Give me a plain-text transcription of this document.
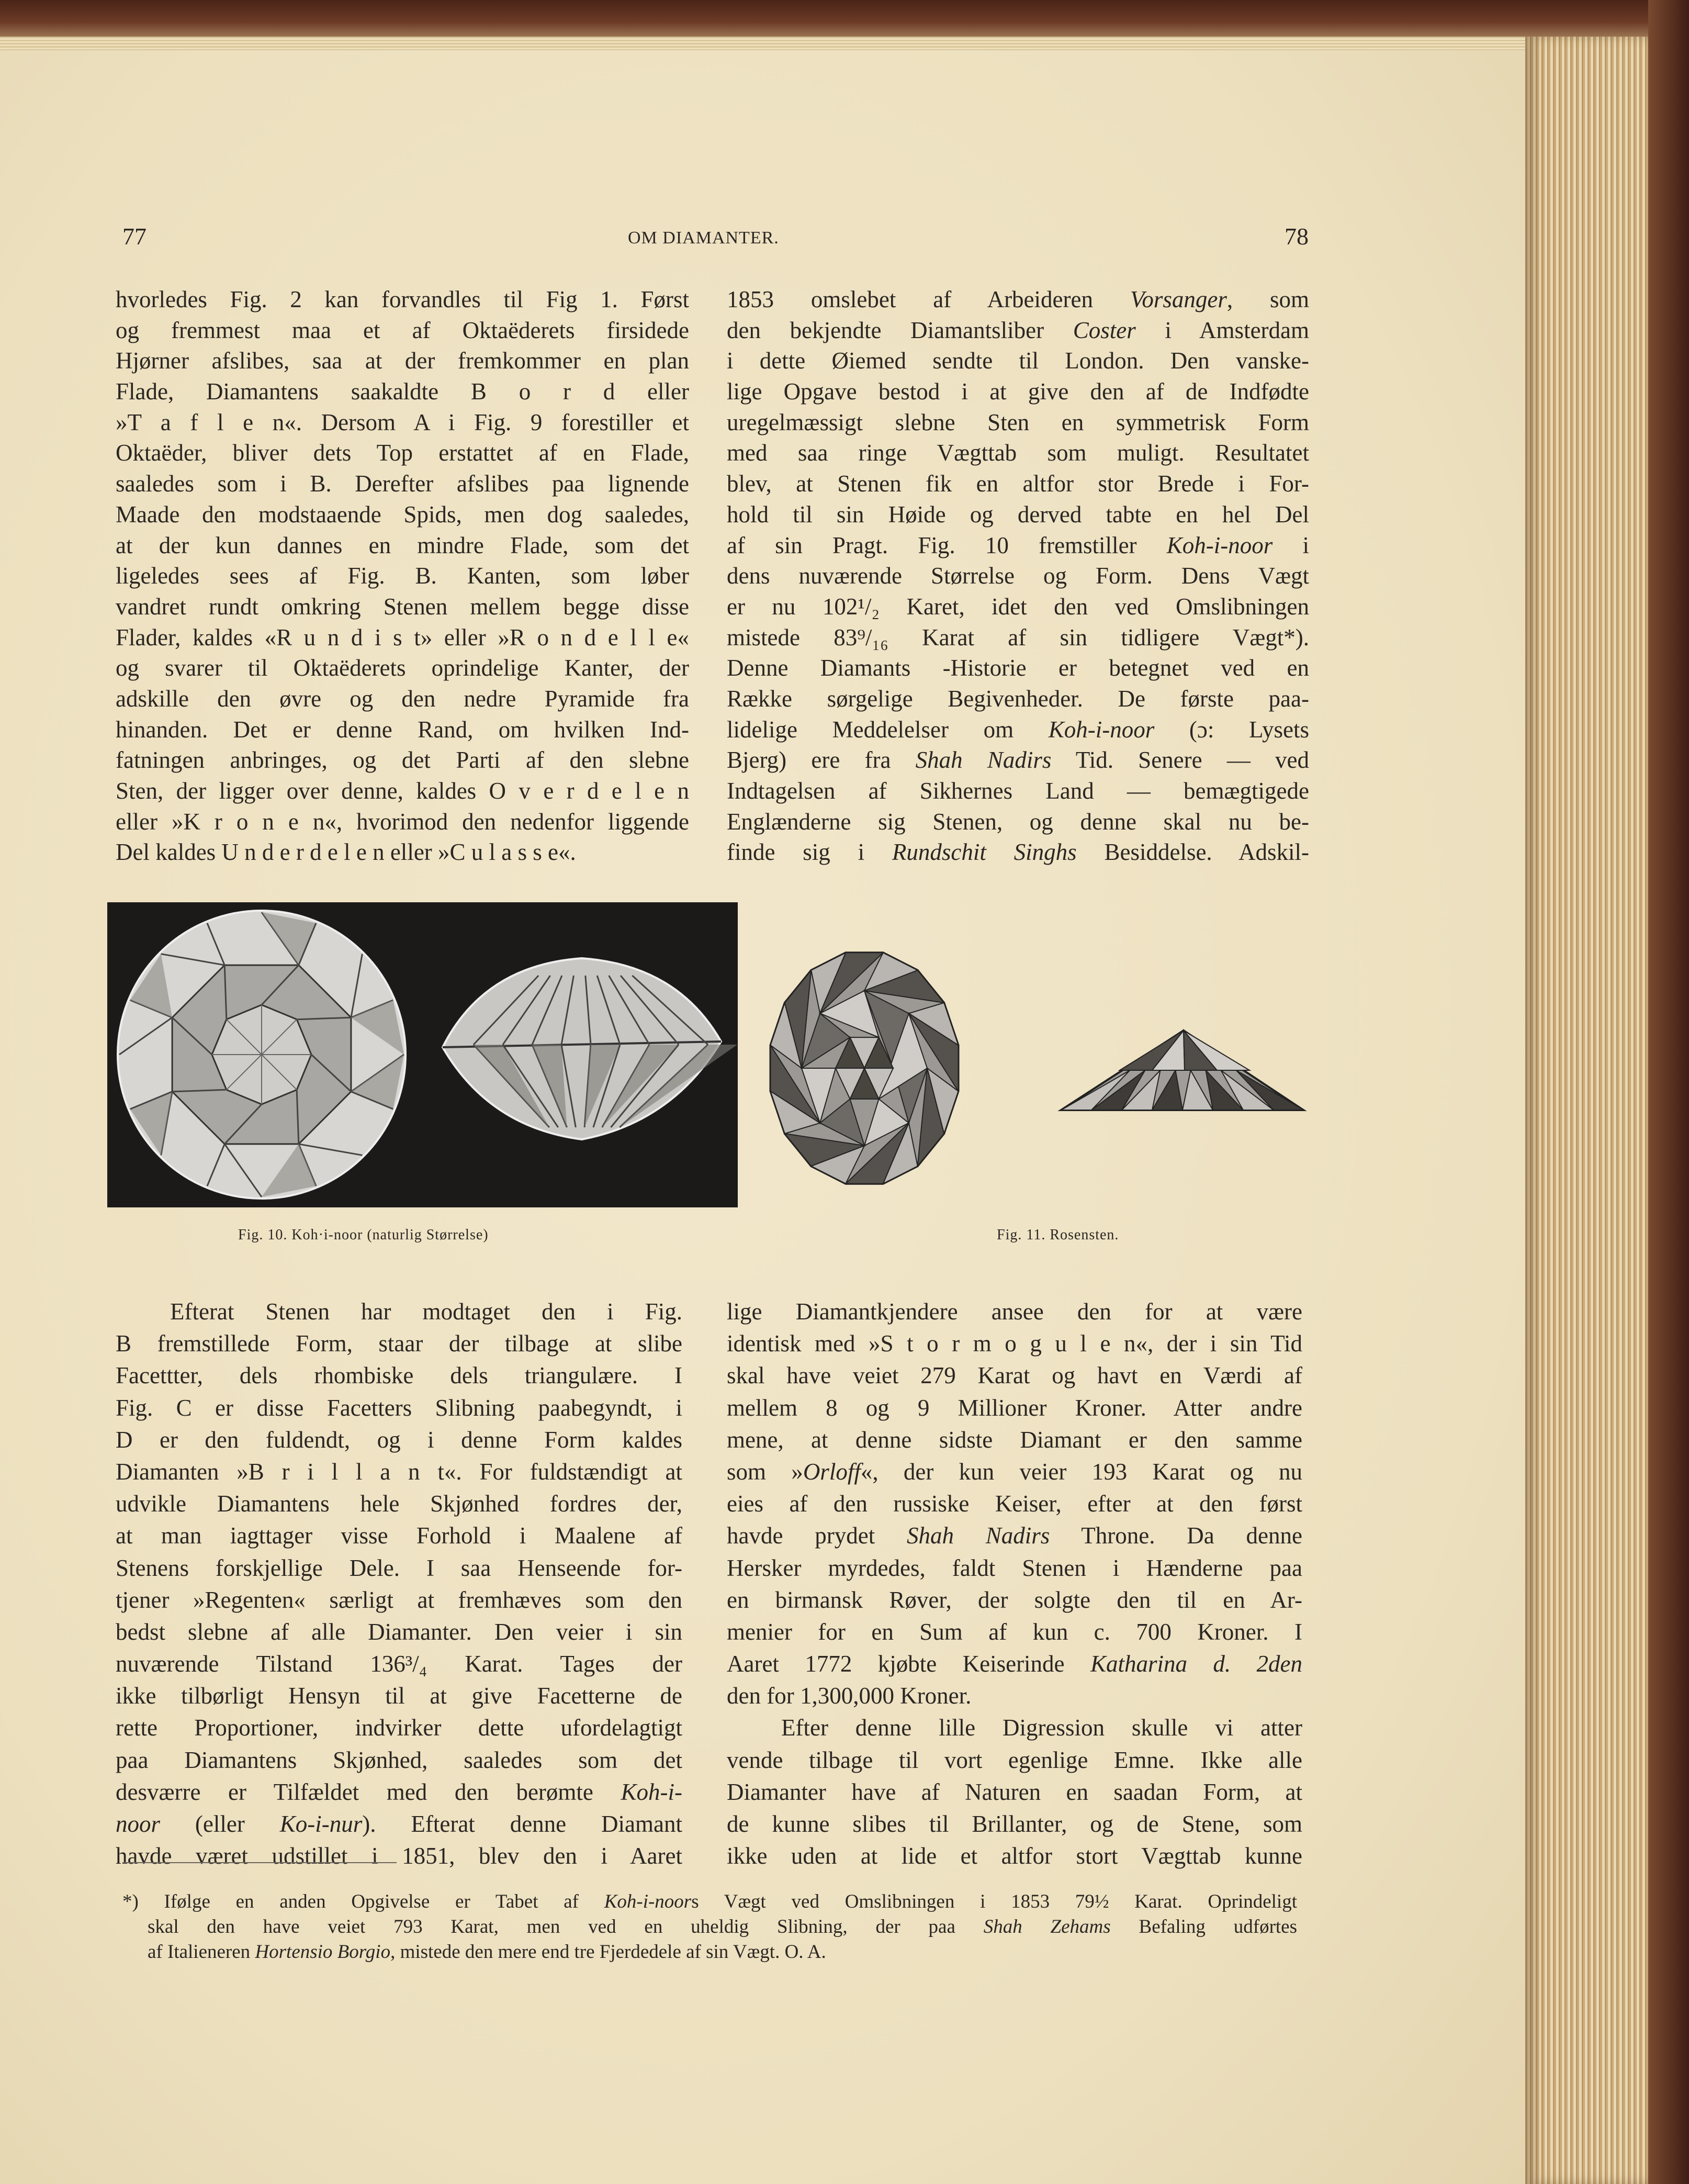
77	OM DIAMANTER.	78
hvorledes Fig. 2 kan forvandles til Fig 1. Først
og fremmest maa et af Oktaëderets firsidede
Hjørner afslibes, saa at der fremkommer en plan
Flade, Diamantens saakaldte B o r d eller
»T a f l e n«. Dersom A i Fig. 9 forestiller et
Oktaëder, bliver dets Top erstattet af en Flade,
saaledes som i B. Derefter afslibes paa lignende
Maade den modstaaende Spids, men dog saaledes,
at der kun dannes en mindre Flade, som det
ligeledes sees af Fig. B. Kanten, som løber
vandret rundt omkring Stenen mellem begge disse
Flader, kaldes «R u n d i s t» eller »R o n d e l l e«
og svarer til Oktaëderets oprindelige Kanter, der
adskille den øvre og den nedre Pyramide fra
hinanden. Det er denne Rand, om hvilken Ind-
fatningen anbringes, og det Parti af den slebne
Sten, der ligger over denne, kaldes O v e r d e l e n
eller »K r o n e n«, hvorimod den nedenfor liggende
Del kaldes U n d e r d e l e n eller »C u l a s s e«.
1853 omslebet af Arbeideren Vorsanger, som
den bekjendte Diamantsliber Coster i Amsterdam
i dette Øiemed sendte til London. Den vanske-
lige Opgave bestod i at give den af de Indfødte
uregelmæssigt slebne Sten en symmetrisk Form
med saa ringe Vægttab som muligt. Resultatet
blev, at Stenen fik en altfor stor Brede i For-
hold til sin Høide og derved tabte en hel Del
af sin Pragt. Fig. 10 fremstiller Koh-i-noor i
dens nuværende Størrelse og Form. Dens Vægt
er nu 102¹/₂ Karet, idet den ved Omslibningen
mistede 83⁹/₁₆ Karat af sin tidligere Vægt*).
Denne Diamants -Historie er betegnet ved en
Række sørgelige Begivenheder. De første paa-
lidelige Meddelelser om Koh-i-noor (ɔ: Lysets
Bjerg) ere fra Shah Nadirs Tid. Senere — ved
Indtagelsen af Sikhernes Land — bemægtigede
Englænderne sig Stenen, og denne skal nu be-
finde sig i Rundschit Singhs Besiddelse. Adskil-
Fig. 10. Koh·i-noor (naturlig Størrelse)	Fig. 11. Rosensten.
Efterat Stenen har modtaget den i Fig.
B fremstillede Form, staar der tilbage at slibe
Facettter, dels rhombiske dels triangulære. I
Fig. C er disse Facetters Slibning paabegyndt, i
D er den fuldendt, og i denne Form kaldes
Diamanten »B r i l l a n t«. For fuldstændigt at
udvikle Diamantens hele Skjønhed fordres der,
at man iagttager visse Forhold i Maalene af
Stenens forskjellige Dele. I saa Henseende for-
tjener »Regenten« særligt at fremhæves som den
bedst slebne af alle Diamanter. Den veier i sin
nuværende Tilstand 136³/₄ Karat. Tages der
ikke tilbørligt Hensyn til at give Facetterne de
rette Proportioner, indvirker dette ufordelagtigt
paa Diamantens Skjønhed, saaledes som det
desværre er Tilfældet med den berømte Koh-i-
noor (eller Ko-i-nur). Efterat denne Diamant
havde været udstillet i 1851, blev den i Aaret
lige Diamantkjendere ansee den for at være
identisk med »S t o r m o g u l e n«, der i sin Tid
skal have veiet 279 Karat og havt en Værdi af
mellem 8 og 9 Millioner Kroner. Atter andre
mene, at denne sidste Diamant er den samme
som »Orloff«, der kun veier 193 Karat og nu
eies af den russiske Keiser, efter at den først
havde prydet Shah Nadirs Throne. Da denne
Hersker myrdedes, faldt Stenen i Hænderne paa
en birmansk Røver, der solgte den til en Ar-
menier for en Sum af kun c. 700 Kroner. I
Aaret 1772 kjøbte Keiserinde Katharina d. 2den
den for 1,300,000 Kroner.
Efter denne lille Digression skulle vi atter
vende tilbage til vort egenlige Emne. Ikke alle
Diamanter have af Naturen en saadan Form, at
de kunne slibes til Brillanter, og de Stene, som
ikke uden at lide et altfor stort Vægttab kunne
*) Ifølge en anden Opgivelse er Tabet af Koh-i-noors Vægt ved Omslibningen i 1853 79½ Karat. Oprindeligt
skal den have veiet 793 Karat, men ved en uheldig Slibning, der paa Shah Zehams Befaling udførtes
af Italieneren Hortensio Borgio, mistede den mere end tre Fjerdedele af sin Vægt. O. A.
